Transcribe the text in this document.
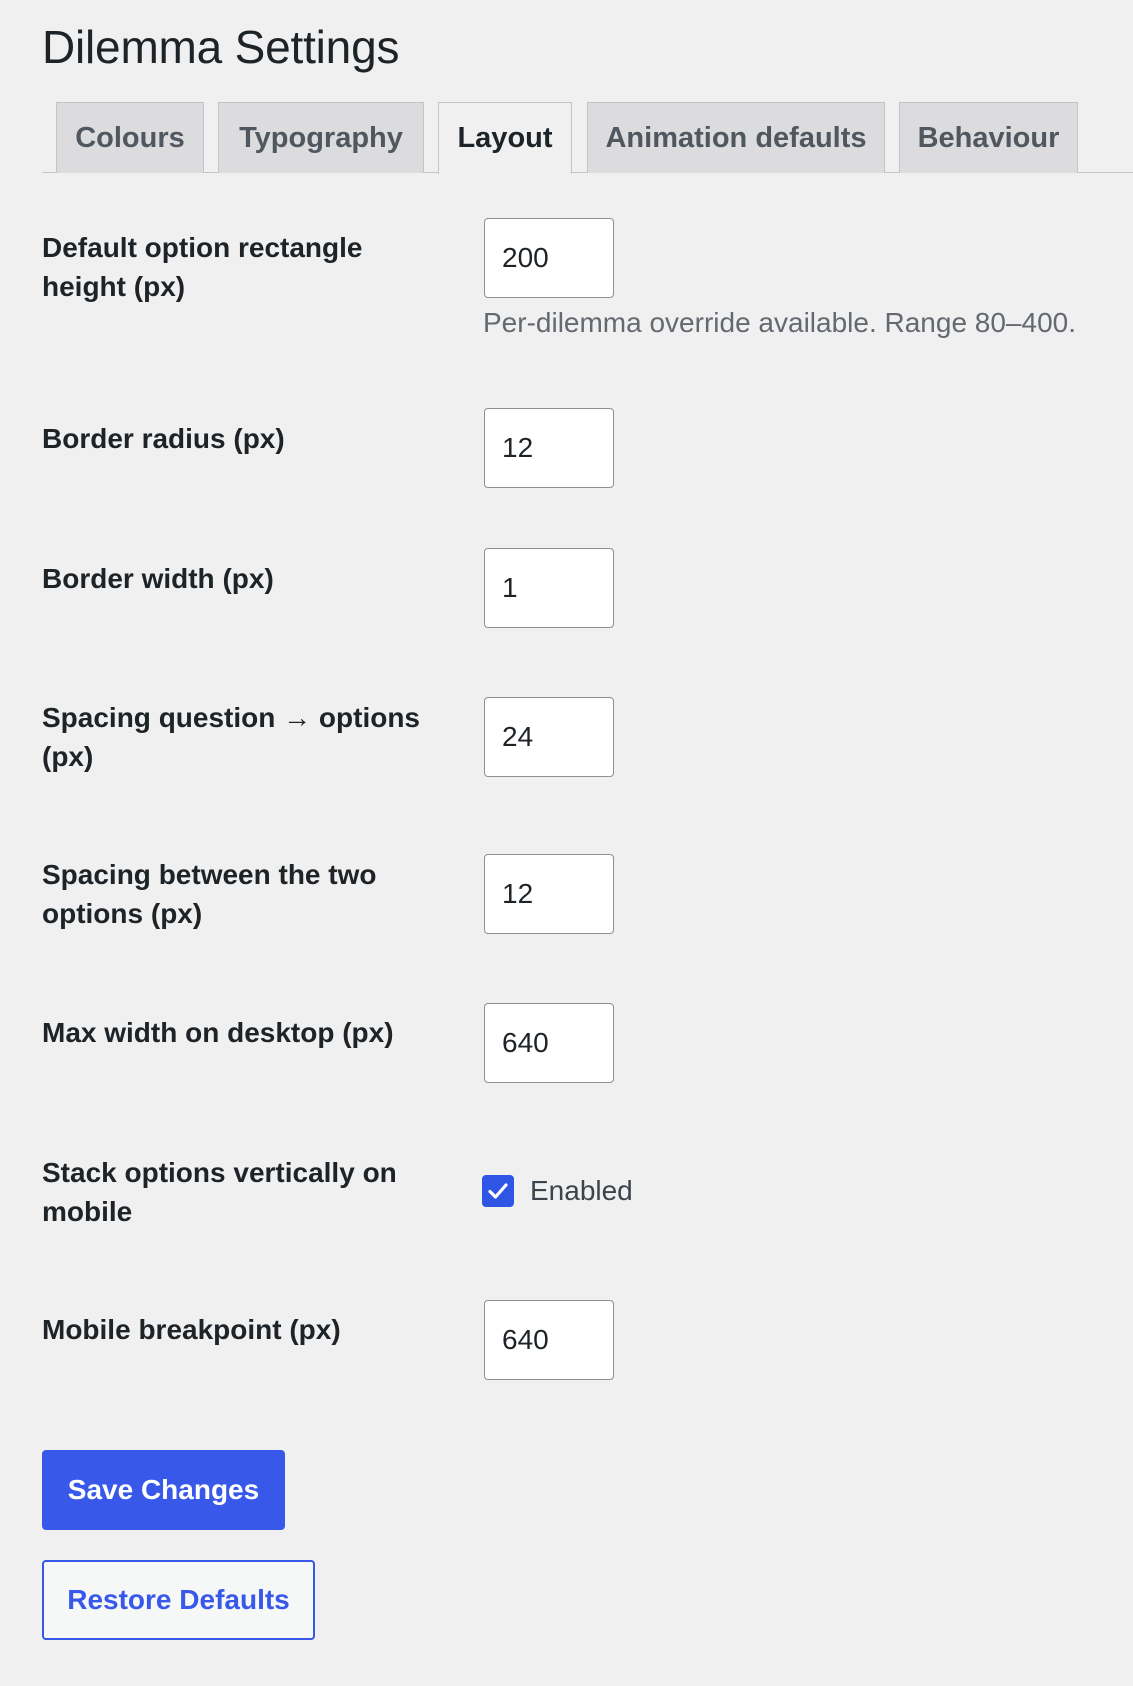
Dilemma Settings
Colours	Typography	Layout	Animation defaults	Behaviour
Default option rectangle height (px)
200
Per-dilemma override available. Range 80–400.
Border radius (px)
12
Border width (px)
1
Spacing question → options (px)
24
Spacing between the two options (px)
12
Max width on desktop (px)
640
Stack options vertically on mobile
Enabled
Mobile breakpoint (px)
640
Save Changes
Restore Defaults
